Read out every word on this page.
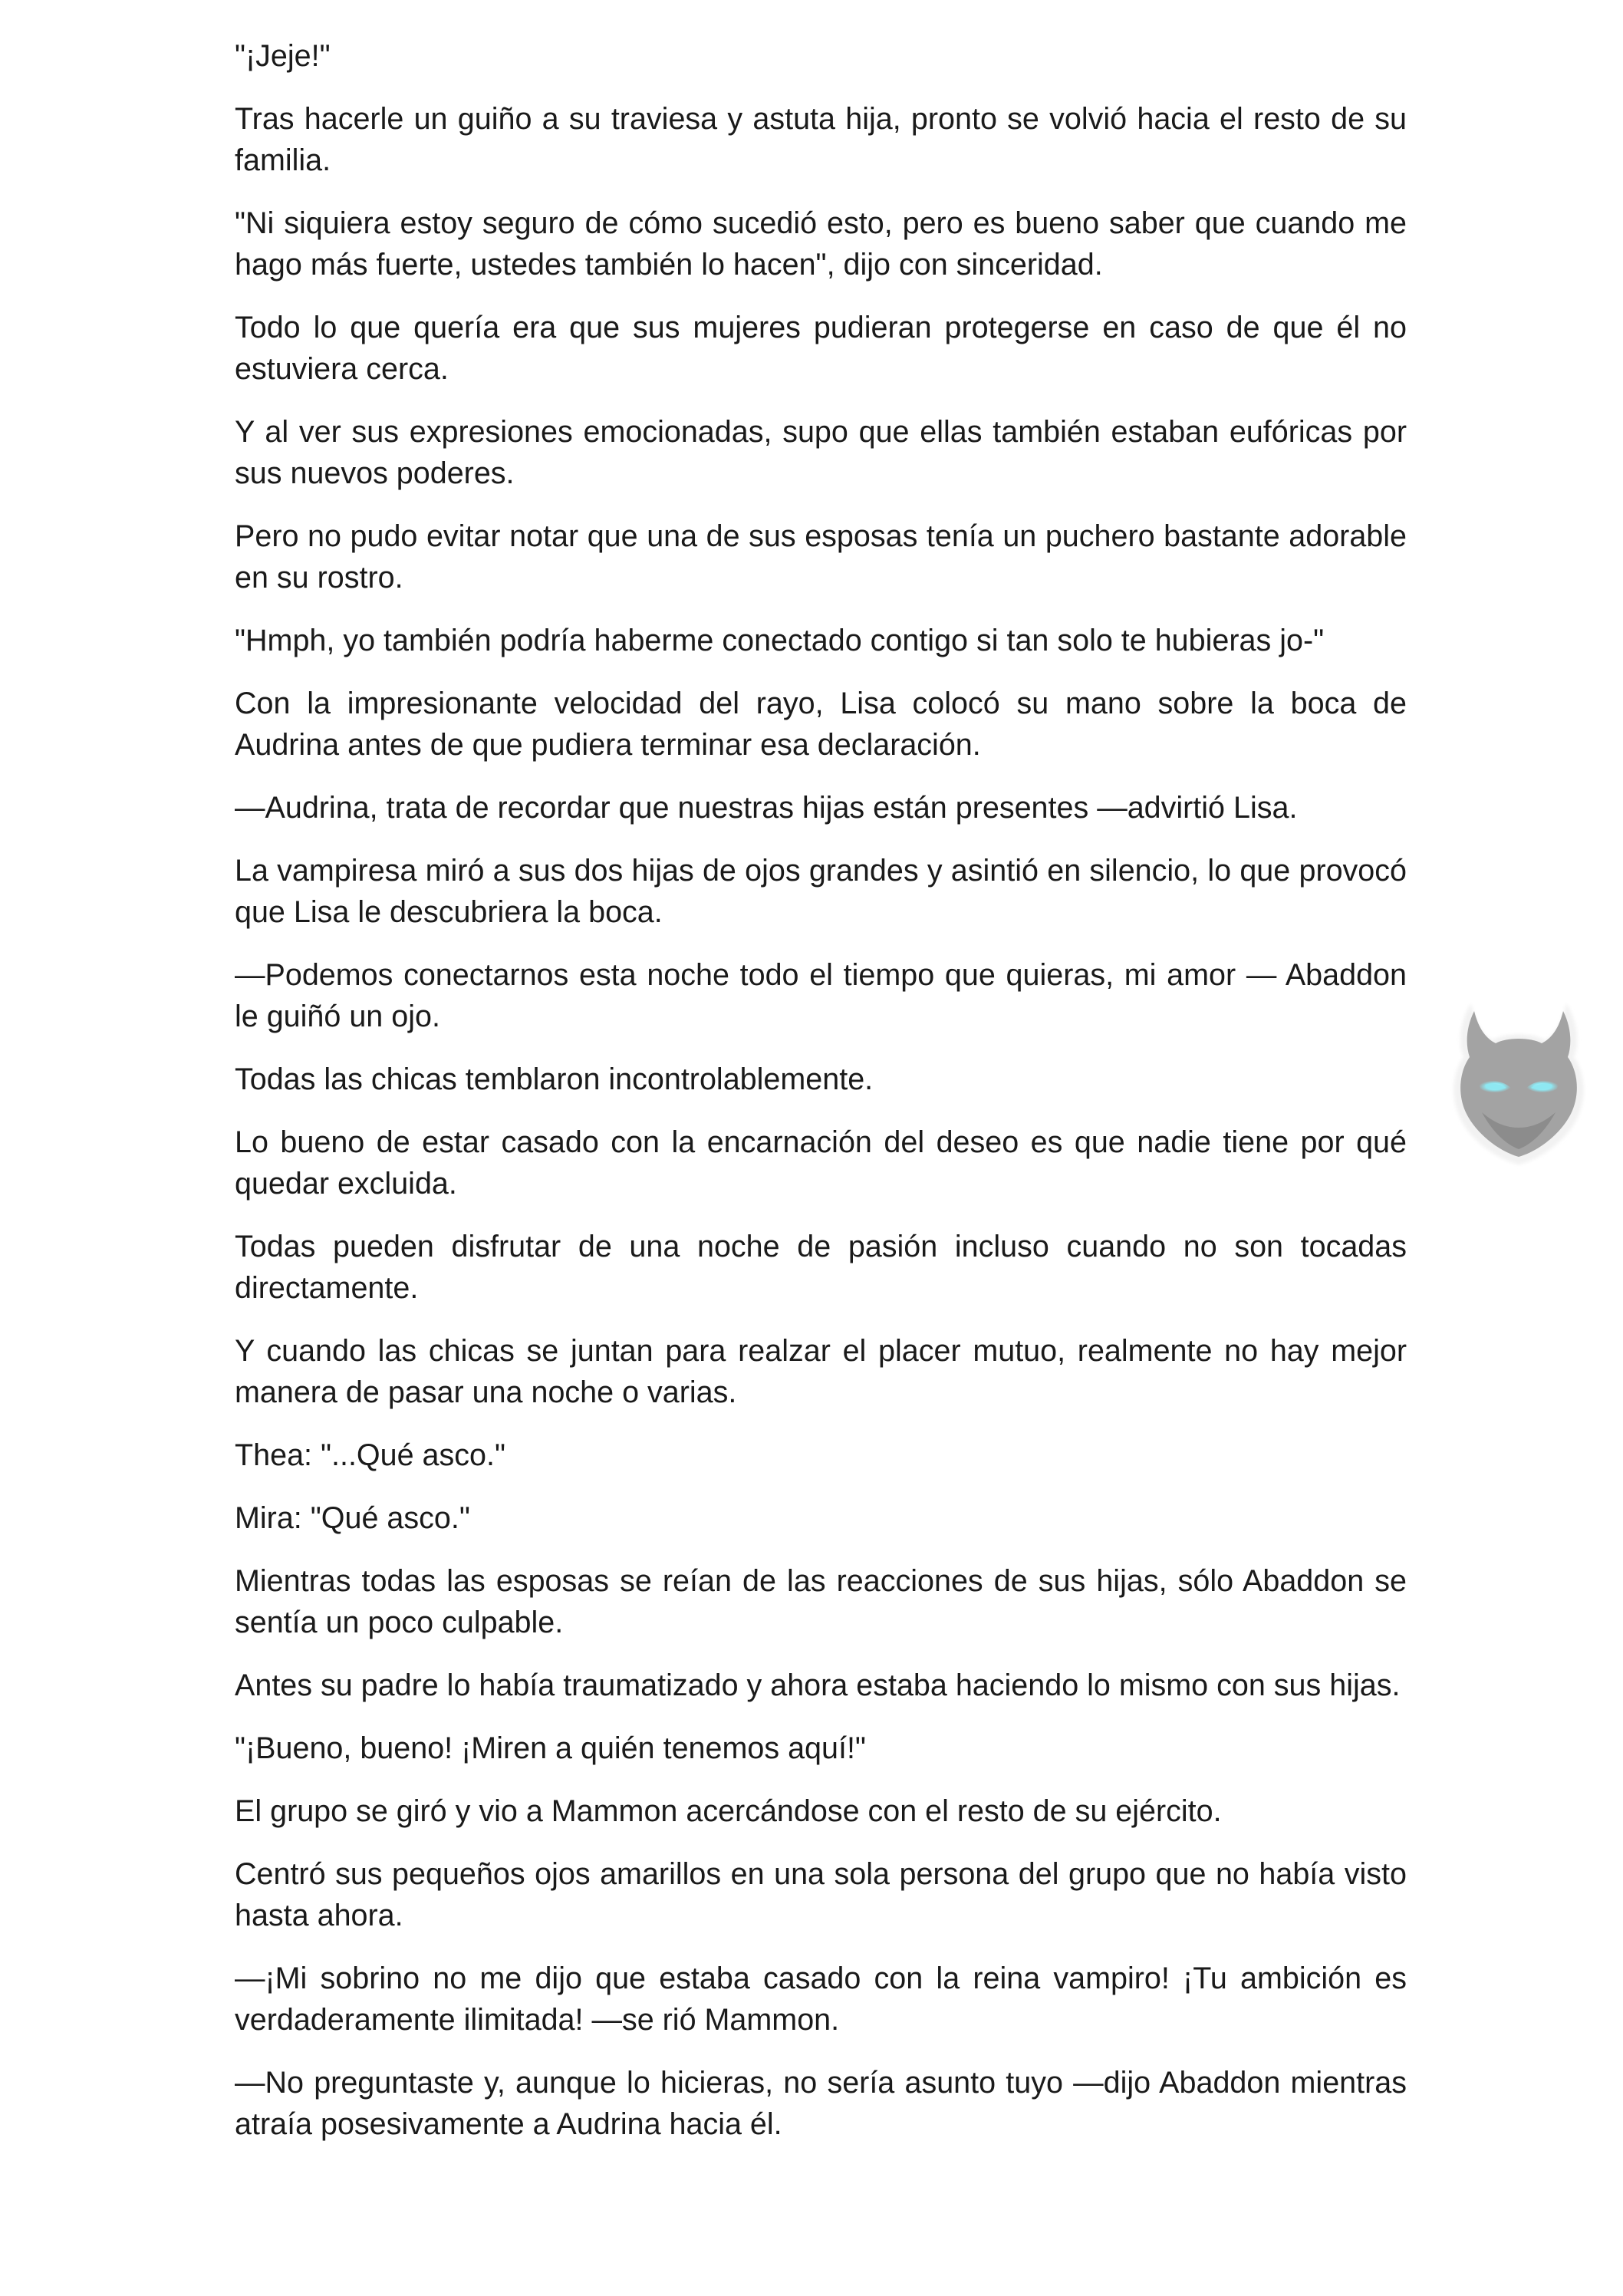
"¡Jeje!"

Tras hacerle un guiño a su traviesa y astuta hija, pronto se volvió hacia el resto de su familia.

"Ni siquiera estoy seguro de cómo sucedió esto, pero es bueno saber que cuando me hago más fuerte, ustedes también lo hacen", dijo con sinceridad.

Todo lo que quería era que sus mujeres pudieran protegerse en caso de que él no estuviera cerca.

Y al ver sus expresiones emocionadas, supo que ellas también estaban eufóricas por sus nuevos poderes.

Pero no pudo evitar notar que una de sus esposas tenía un puchero bastante adorable en su rostro.

"Hmph, yo también podría haberme conectado contigo si tan solo te hubieras jo-"

Con la impresionante velocidad del rayo, Lisa colocó su mano sobre la boca de Audrina antes de que pudiera terminar esa declaración.

—Audrina, trata de recordar que nuestras hijas están presentes —advirtió Lisa.

La vampiresa miró a sus dos hijas de ojos grandes y asintió en silencio, lo que provocó que Lisa le descubriera la boca.

—Podemos conectarnos esta noche todo el tiempo que quieras, mi amor — Abaddon le guiñó un ojo.

Todas las chicas temblaron incontrolablemente.

Lo bueno de estar casado con la encarnación del deseo es que nadie tiene por qué quedar excluida.

Todas pueden disfrutar de una noche de pasión incluso cuando no son tocadas directamente.

Y cuando las chicas se juntan para realzar el placer mutuo, realmente no hay mejor manera de pasar una noche o varias.

Thea: "...Qué asco."

Mira: "Qué asco."

Mientras todas las esposas se reían de las reacciones de sus hijas, sólo Abaddon se sentía un poco culpable.

Antes su padre lo había traumatizado y ahora estaba haciendo lo mismo con sus hijas.

"¡Bueno, bueno! ¡Miren a quién tenemos aquí!"

El grupo se giró y vio a Mammon acercándose con el resto de su ejército.

Centró sus pequeños ojos amarillos en una sola persona del grupo que no había visto hasta ahora.

—¡Mi sobrino no me dijo que estaba casado con la reina vampiro! ¡Tu ambición es verdaderamente ilimitada! —se rió Mammon.

—No preguntaste y, aunque lo hicieras, no sería asunto tuyo —dijo Abaddon mientras atraía posesivamente a Audrina hacia él.
